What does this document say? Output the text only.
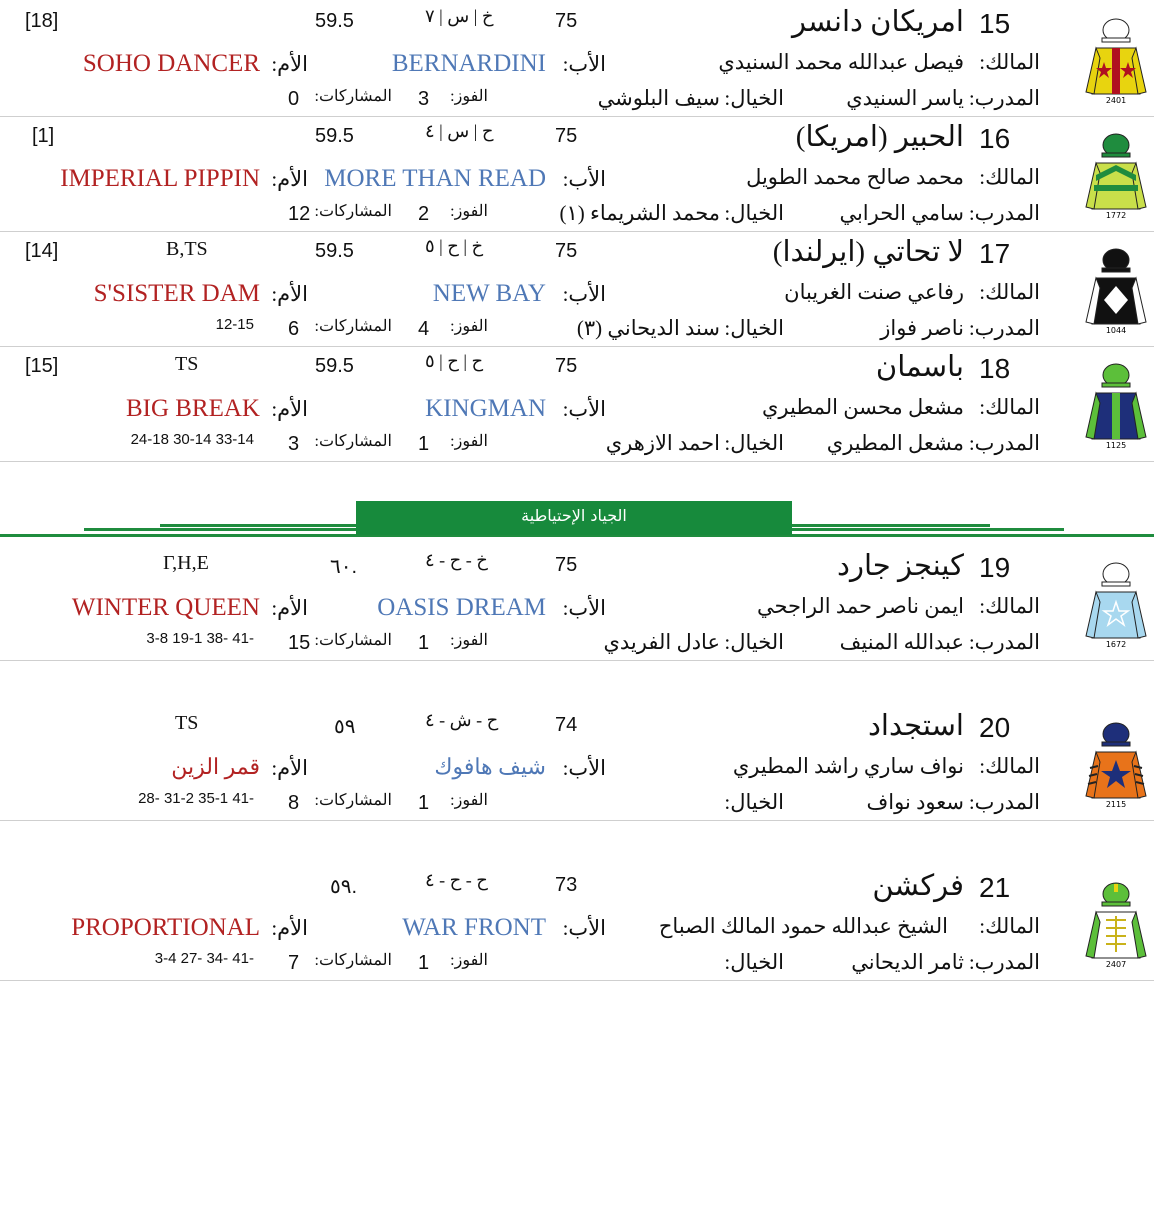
2401
15
امريكان دانسر
75
خ | س | ٧
59.5
[18]
المالك:
فيصل عبدالله محمد السنيدي
الأب:
BERNARDINI
الأم:
SOHO DANCER
المدرب:
ياسر السنيدي
الخيال:
سيف البلوشي
الفوز:
3
المشاركات:
0
1772
16
الحبير (امريكا)
75
ح | س | ٤
59.5
[1]
المالك:
محمد صالح محمد الطويل
الأب:
MORE THAN READ
الأم:
IMPERIAL PIPPIN
المدرب:
سامي الحرابي
الخيال:
محمد الشريماء (١)
الفوز:
2
المشاركات:
12
1044
17
لا تحاتي (ايرلندا)
75
خ | ح | ٥
59.5
B,TS
[14]
المالك:
رفاعي صنت الغريبان
الأب:
NEW BAY
الأم:
S'SISTER DAM
المدرب:
ناصر فواز
الخيال:
سند الديحاني (٣)
الفوز:
4
المشاركات:
6
12-15
1125
18
باسمان
75
ح | ح | ٥
59.5
TS
[15]
المالك:
مشعل محسن المطيري
الأب:
KINGMAN
الأم:
BIG BREAK
المدرب:
مشعل المطيري
الخيال:
احمد الازهري
الفوز:
1
المشاركات:
3
24-18 30-14 33-14
الجياد الإحتياطية
1672
19
كينجز جارد
75
خ - ح - ٤
٦٠.
Γ,H,E
المالك:
ايمن ناصر حمد الراجحي
الأب:
OASIS DREAM
الأم:
WINTER QUEEN
المدرب:
عبدالله المنيف
الخيال:
عادل الفريدي
الفوز:
1
المشاركات:
15
3-8 19-1 38- 41-
2115
20
استجداد
74
ح - ش - ٤
٥٩
TS
المالك:
نواف ساري راشد المطيري
الأب:
شيف هافوك
الأم:
قمر الزين
المدرب:
سعود نواف
الخيال:
الفوز:
1
المشاركات:
8
28- 31-2 35-1 41-
2407
21
فركشن
73
ح - ح - ٤
٥٩.
المالك:
الشيخ عبدالله حمود المالك الصباح
الأب:
WAR FRONT
الأم:
PROPORTIONAL
المدرب:
ثامر الديحاني
الخيال:
الفوز:
1
المشاركات:
7
3-4 27- 34- 41-
